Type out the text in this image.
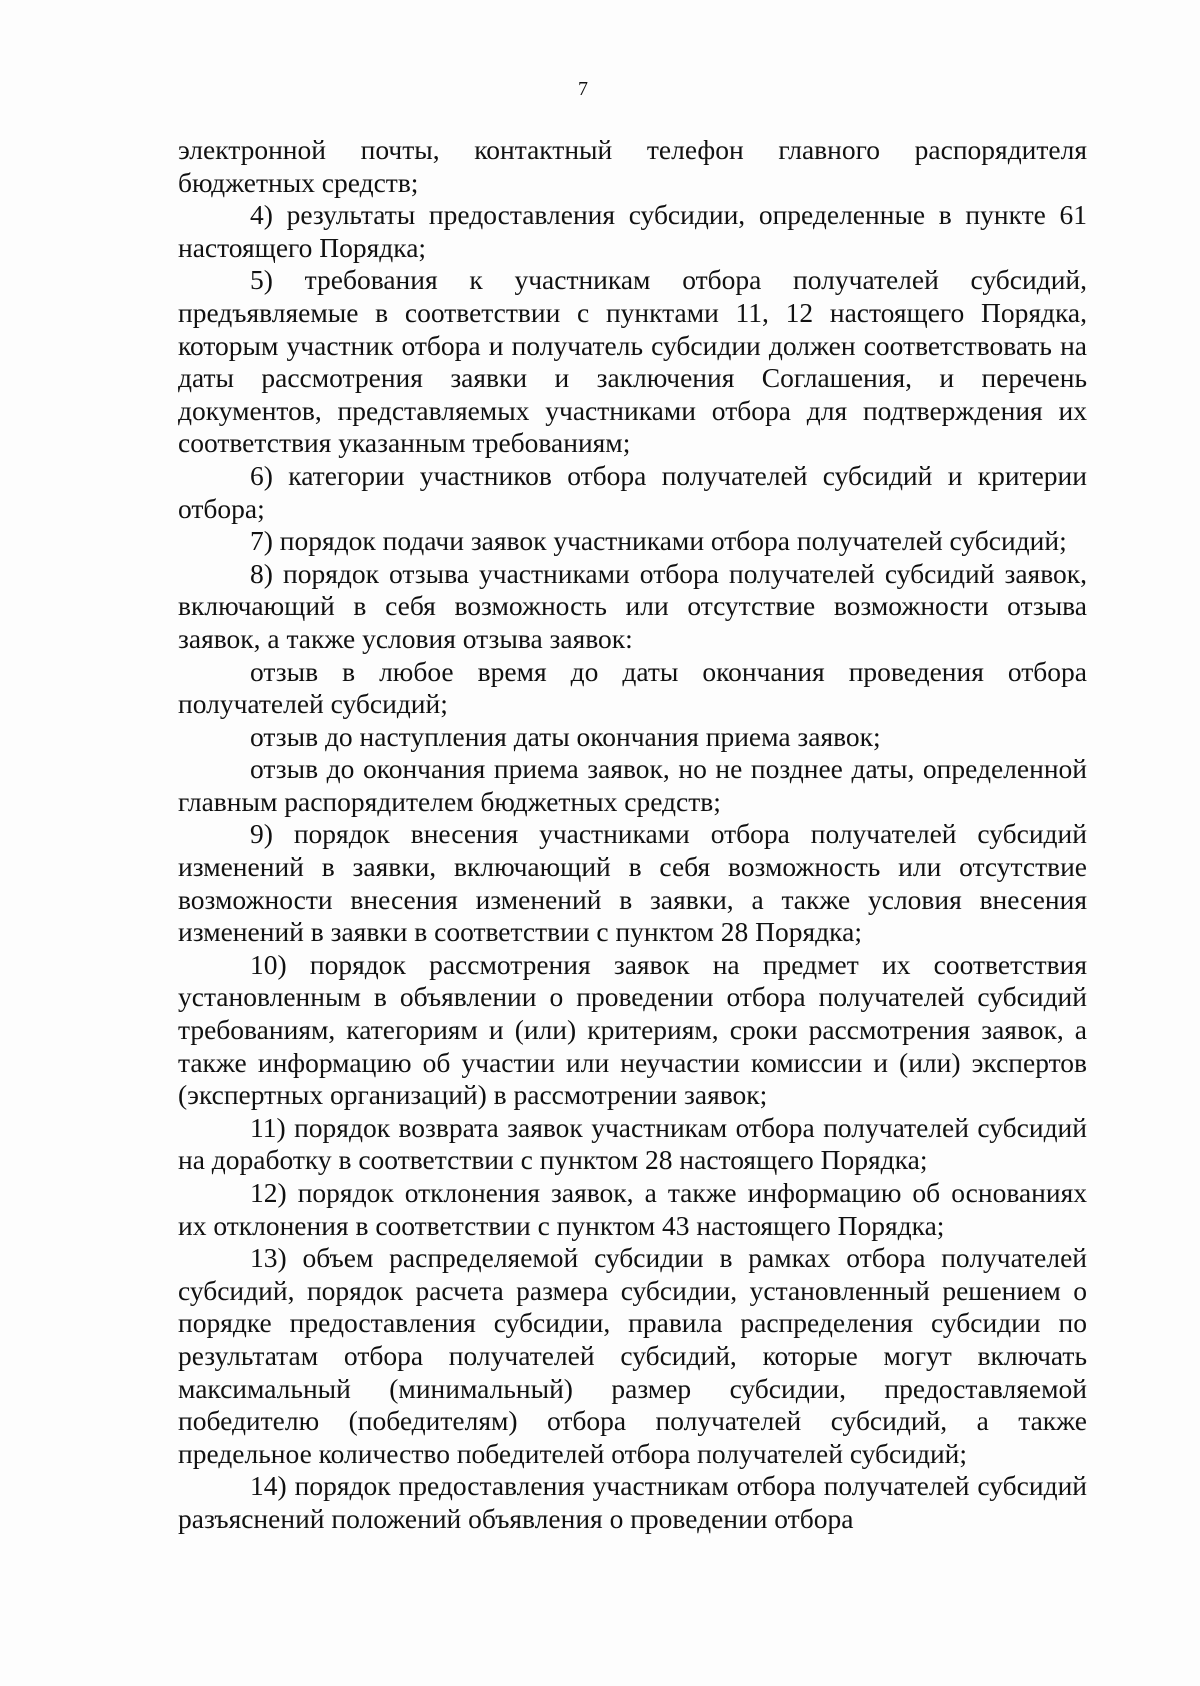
7

электронной почты, контактный телефон главного распорядителя бюджетных средств;

4) результаты предоставления субсидии, определенные в пункте 61 настоящего Порядка;

5) требования к участникам отбора получателей субсидий, предъявляемые в соответствии с пунктами 11, 12 настоящего Порядка, которым участник отбора и получатель субсидии должен соответствовать на даты рассмотрения заявки и заключения Соглашения, и перечень документов, представляемых участниками отбора для подтверждения их соответствия указанным требованиям;

6) категории участников отбора получателей субсидий и критерии отбора;

7) порядок подачи заявок участниками отбора получателей субсидий;

8) порядок отзыва участниками отбора получателей субсидий заявок, включающий в себя возможность или отсутствие возможности отзыва заявок, а также условия отзыва заявок:

отзыв в любое время до даты окончания проведения отбора получателей субсидий;

отзыв до наступления даты окончания приема заявок;

отзыв до окончания приема заявок, но не позднее даты, определенной главным распорядителем бюджетных средств;

9) порядок внесения участниками отбора получателей субсидий изменений в заявки, включающий в себя возможность или отсутствие возможности внесения изменений в заявки, а также условия внесения изменений в заявки в соответствии с пунктом 28 Порядка;

10) порядок рассмотрения заявок на предмет их соответствия установленным в объявлении о проведении отбора получателей субсидий требованиям, категориям и (или) критериям, сроки рассмотрения заявок, а также информацию об участии или неучастии комиссии и (или) экспертов (экспертных организаций) в рассмотрении заявок;

11) порядок возврата заявок участникам отбора получателей субсидий на доработку в соответствии с пунктом 28 настоящего Порядка;

12) порядок отклонения заявок, а также информацию об основаниях их отклонения в соответствии с пунктом 43 настоящего Порядка;

13) объем распределяемой субсидии в рамках отбора получателей субсидий, порядок расчета размера субсидии, установленный решением о порядке предоставления субсидии, правила распределения субсидии по результатам отбора получателей субсидий, которые могут включать максимальный (минимальный) размер субсидии, предоставляемой победителю (победителям) отбора получателей субсидий, а также предельное количество победителей отбора получателей субсидий;

14) порядок предоставления участникам отбора получателей субсидий разъяснений положений объявления о проведении отбора
